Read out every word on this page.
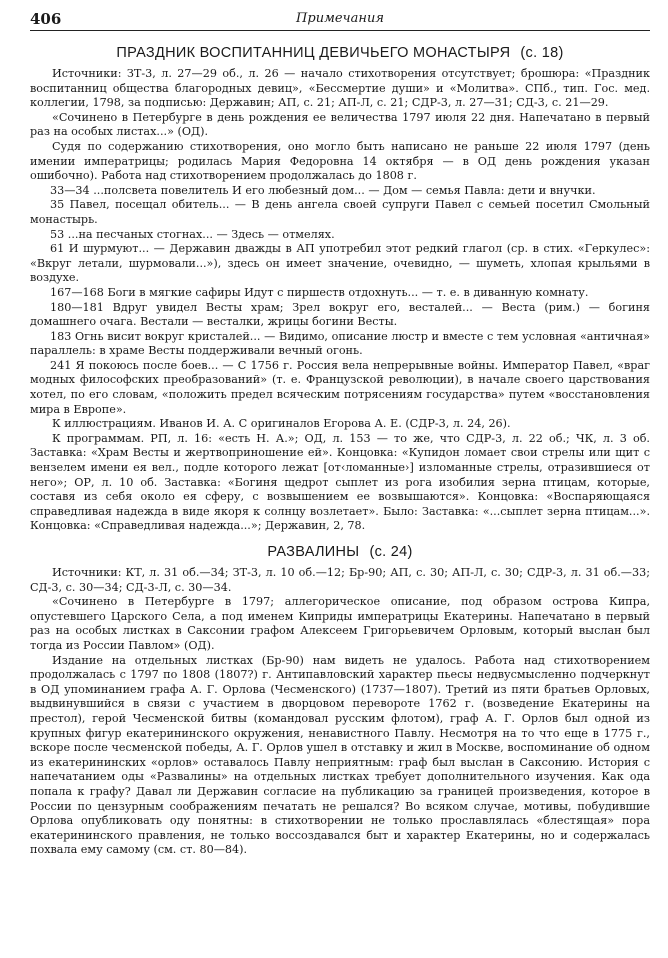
406	Примечания
ПРАЗДНИК ВОСПИТАННИЦ ДЕВИЧЬЕГО МОНАСТЫРЯ (с. 18)

Источники: ЗТ-3, л. 27—29 об., л. 26 — начало стихотворения отсутствует; брошюра: «Праздник воспитанниц общества благородных девиц», «Бессмертие души» и «Молитва». СПб., тип. Гос. мед. коллегии, 1798, за подписью: Державин; АП, с. 21; АП-Л, с. 21; СДР-3, л. 27—31; СД-3, с. 21—29.

«Сочинено в Петербурге в день рождения ее величества 1797 июля 22 дня. Напечатано в первый раз на особых листах...» (ОД).

Судя по содержанию стихотворения, оно могло быть написано не раньше 22 июля 1797 (день имении императрицы; родилась Мария Федоровна 14 октября — в ОД день рождения указан ошибочно). Работа над стихотворением продолжалась до 1808 г.

33—34 ...полсвета повелитель И его любезный дом... — Дом — семья Павла: дети и внучки.

35 Павел, посещал обитель... — В день ангела своей супруги Павел с семьей посетил Смольный монастырь.

53 ...на песчаных стогнах... — Здесь — отмелях.

61 И шурмуют... — Державин дважды в АП употребил этот редкий глагол (ср. в стих. «Геркулес»: «Вкруг летали, шурмовали...»), здесь он имеет значение, очевидно, — шуметь, хлопая крыльями в воздухе.

167—168 Боги в мягкие сафиры Идут с пиршеств отдохнуть... — т. е. в диванную комнату.

180—181 Вдруг увидел Весты храм; Зрел вокруг его, весталей... — Веста (рим.) — богиня домашнего очага. Вестали — весталки, жрицы богини Весты.

183 Огнь висит вокруг кристалей... — Видимо, описание люстр и вместе с тем условная «античная» параллель: в храме Весты поддерживали вечный огонь.

241 Я покоюсь после боев... — С 1756 г. Россия вела непрерывные войны. Император Павел, «враг модных философских преобразований» (т. е. Французской революции), в начале своего царствования хотел, по его словам, «положить предел всяческим потрясениям государства» путем «восстановления мира в Европе».

К иллюстрациям. Иванов И. А. С оригиналов Егорова А. Е. (СДР-3, л. 24, 26).

К программам. РП, л. 16: «есть Н. А.»; ОД, л. 153 — то же, что СДР-3, л. 22 об.; ЧК, л. 3 об. Заставка: «Храм Весты и жертвоприношение ей». Концовка: «Купидон ломает свои стрелы или щит с вензелем имени ея вел., подле которого лежат [от‹ломанные›] изломанные стрелы, отразившиеся от него»; ОР, л. 10 об. Заставка: «Богиня щедрот сыплет из рога изобилия зерна птицам, которые, составя из себя около ея сферу, с возвышением ее возвышаются». Концовка: «Воспаряющаяся справедливая надежда в виде якоря к солнцу возлетает». Было: Заставка: «...сыплет зерна птицам...». Концовка: «Справедливая надежда...»; Державин, 2, 78.

РАЗВАЛИНЫ (с. 24)

Источники: КТ, л. 31 об.—34; ЗТ-3, л. 10 об.—12; Бр-90; АП, с. 30; АП-Л, с. 30; СДР-3, л. 31 об.—33; СД-3, с. 30—34; СД-3-Л, с. 30—34.

«Сочинено в Петербурге в 1797; аллегорическое описание, под образом острова Кипра, опустевшего Царского Села, а под именем Киприды императрицы Екатерины. Напечатано в первый раз на особых листках в Саксонии графом Алексеем Григорьевичем Орловым, который выслан был тогда из России Павлом» (ОД).

Издание на отдельных листках (Бр-90) нам видеть не удалось. Работа над стихотворением продолжалась с 1797 по 1808 (1807?) г. Антипавловский характер пьесы недвусмысленно подчеркнут в ОД упоминанием графа А. Г. Орлова (Чесменского) (1737—1807). Третий из пяти братьев Орловых, выдвинувшийся в связи с участием в дворцовом перевороте 1762 г. (возведение Екатерины на престол), герой Чесменской битвы (командовал русским флотом), граф А. Г. Орлов был одной из крупных фигур екатерининского окружения, ненавистного Павлу. Несмотря на то что еще в 1775 г., вскоре после чесменской победы, А. Г. Орлов ушел в отставку и жил в Москве, воспоминание об одном из екатерининских «орлов» оставалось Павлу неприятным: граф был выслан в Саксонию. История с напечатанием оды «Развалины» на отдельных листках требует дополнительного изучения. Как ода попала к графу? Давал ли Державин согласие на публикацию за границей произведения, которое в России по цензурным соображениям печатать не решался? Во всяком случае, мотивы, побудившие Орлова опубликовать оду понятны: в стихотворении не только прославлялась «блестящая» пора екатерининского правления, не только воссоздавался быт и характер Екатерины, но и содержалась похвала ему самому (см. ст. 80—84).
